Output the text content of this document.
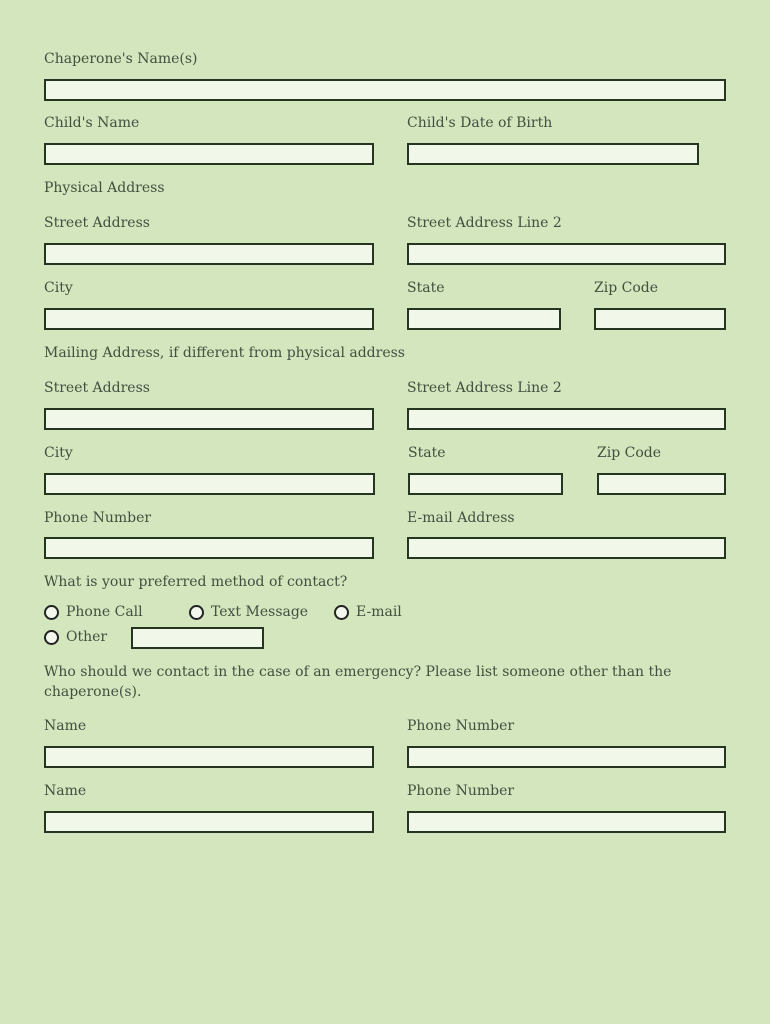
Chaperone's Name(s)
Child's Name	Child's Date of Birth
Physical Address
Street Address	Street Address Line 2
City	State	Zip Code
Mailing Address, if different from physical address
Street Address	Street Address Line 2
City	State	Zip Code
Phone Number	E-mail Address
What is your preferred method of contact?
Phone Call	Text Message	E-mail
Other
Who should we contact in the case of an emergency? Please list someone other than the chaperone(s).
Name	Phone Number
Name	Phone Number
